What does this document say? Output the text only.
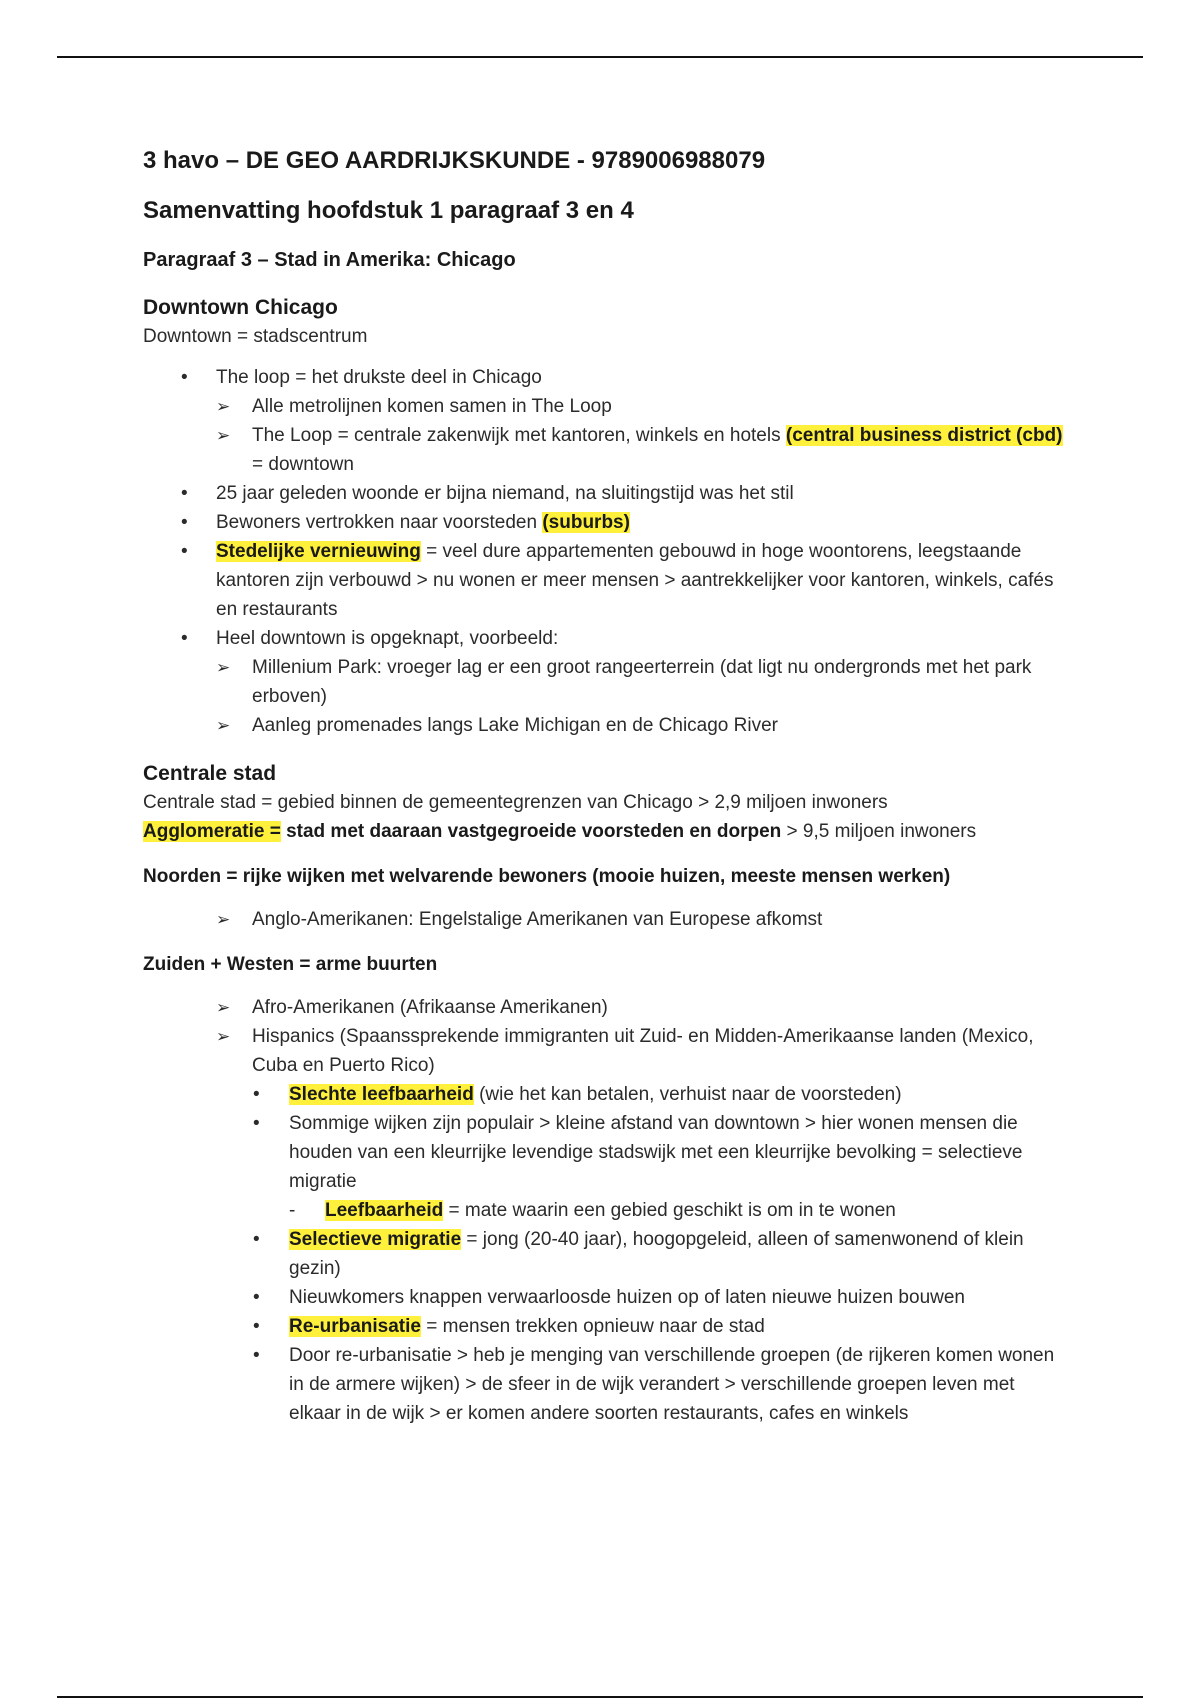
3 havo – DE GEO AARDRIJKSKUNDE - 9789006988079
Samenvatting hoofdstuk 1 paragraaf 3 en 4
Paragraaf 3 – Stad in Amerika: Chicago
Downtown Chicago

Downtown = stadscentrum

• The loop = het drukste deel in Chicago
➢ Alle metrolijnen komen samen in The Loop
➢ The Loop = centrale zakenwijk met kantoren, winkels en hotels (central business district (cbd) = downtown
• 25 jaar geleden woonde er bijna niemand, na sluitingstijd was het stil
• Bewoners vertrokken naar voorsteden (suburbs)
• Stedelijke vernieuwing = veel dure appartementen gebouwd in hoge woontorens, leegstaande kantoren zijn verbouwd > nu wonen er meer mensen > aantrekkelijker voor kantoren, winkels, cafés en restaurants
• Heel downtown is opgeknapt, voorbeeld:
➢ Millenium Park: vroeger lag er een groot rangeerterrein (dat ligt nu ondergronds met het park erboven)
➢ Aanleg promenades langs Lake Michigan en de Chicago River
Centrale stad

Centrale stad = gebied binnen de gemeentegrenzen van Chicago > 2,9 miljoen inwoners

Agglomeratie = stad met daaraan vastgegroeide voorsteden en dorpen > 9,5 miljoen inwoners

Noorden = rijke wijken met welvarende bewoners (mooie huizen, meeste mensen werken)

➢ Anglo-Amerikanen: Engelstalige Amerikanen van Europese afkomst

Zuiden + Westen = arme buurten

➢ Afro-Amerikanen (Afrikaanse Amerikanen)
➢ Hispanics (Spaanssprekende immigranten uit Zuid- en Midden-Amerikaanse landen (Mexico, Cuba en Puerto Rico)
• Slechte leefbaarheid (wie het kan betalen, verhuist naar de voorsteden)
• Sommige wijken zijn populair > kleine afstand van downtown > hier wonen mensen die houden van een kleurrijke levendige stadswijk met een kleurrijke bevolking = selectieve migratie
- Leefbaarheid = mate waarin een gebied geschikt is om in te wonen
• Selectieve migratie = jong (20-40 jaar), hoogopgeleid, alleen of samenwonend of klein gezin)
• Nieuwkomers knappen verwaarloosde huizen op of laten nieuwe huizen bouwen
• Re-urbanisatie = mensen trekken opnieuw naar de stad
• Door re-urbanisatie > heb je menging van verschillende groepen (de rijkeren komen wonen in de armere wijken) > de sfeer in de wijk verandert > verschillende groepen leven met elkaar in de wijk > er komen andere soorten restaurants, cafes en winkels
